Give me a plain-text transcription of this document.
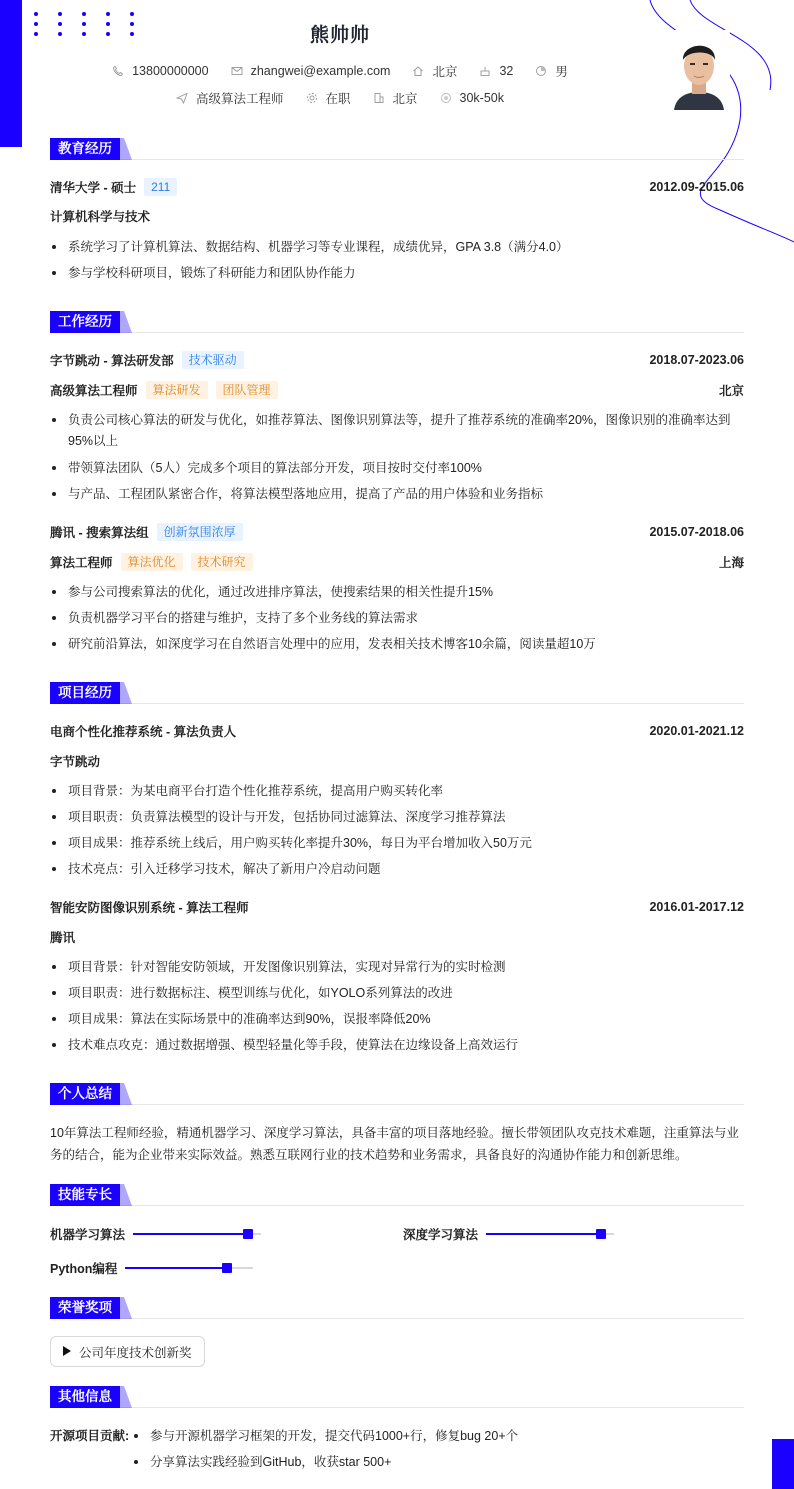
熊帅帅
13800000000	zhangwei@example.com	北京	32	男
高级算法工程师	在职	北京	30k-50k
教育经历
清华大学 - 硕士	211	2012.09-2015.06
计算机科学与技术
系统学习了计算机算法、数据结构、机器学习等专业课程，成绩优异，GPA 3.8（满分4.0）
参与学校科研项目，锻炼了科研能力和团队协作能力
工作经历
字节跳动 - 算法研发部	技术驱动	2018.07-2023.06
高级算法工程师	算法研发	团队管理	北京
负责公司核心算法的研发与优化，如推荐算法、图像识别算法等，提升了推荐系统的准确率20%，图像识别的准确率达到95%以上
带领算法团队（5人）完成多个项目的算法部分开发，项目按时交付率100%
与产品、工程团队紧密合作，将算法模型落地应用，提高了产品的用户体验和业务指标
腾讯 - 搜索算法组	创新氛围浓厚	2015.07-2018.06
算法工程师	算法优化	技术研究	上海
参与公司搜索算法的优化，通过改进排序算法，使搜索结果的相关性提升15%
负责机器学习平台的搭建与维护，支持了多个业务线的算法需求
研究前沿算法，如深度学习在自然语言处理中的应用，发表相关技术博客10余篇，阅读量超10万
项目经历
电商个性化推荐系统 - 算法负责人	2020.01-2021.12
字节跳动
项目背景：为某电商平台打造个性化推荐系统，提高用户购买转化率
项目职责：负责算法模型的设计与开发，包括协同过滤算法、深度学习推荐算法
项目成果：推荐系统上线后，用户购买转化率提升30%，每日为平台增加收入50万元
技术亮点：引入迁移学习技术，解决了新用户冷启动问题
智能安防图像识别系统 - 算法工程师	2016.01-2017.12
腾讯
项目背景：针对智能安防领域，开发图像识别算法，实现对异常行为的实时检测
项目职责：进行数据标注、模型训练与优化，如YOLO系列算法的改进
项目成果：算法在实际场景中的准确率达到90%，误报率降低20%
技术难点攻克：通过数据增强、模型轻量化等手段，使算法在边缘设备上高效运行
个人总结
10年算法工程师经验，精通机器学习、深度学习算法，具备丰富的项目落地经验。擅长带领团队攻克技术难题，注重算法与业务的结合，能为企业带来实际效益。熟悉互联网行业的技术趋势和业务需求，具备良好的沟通协作能力和创新思维。
技能专长
机器学习算法	深度学习算法
Python编程
荣誉奖项
公司年度技术创新奖
其他信息
开源项目贡献:	参与开源机器学习框架的开发，提交代码1000+行，修复bug 20+个
分享算法实践经验到GitHub，收获star 500+
